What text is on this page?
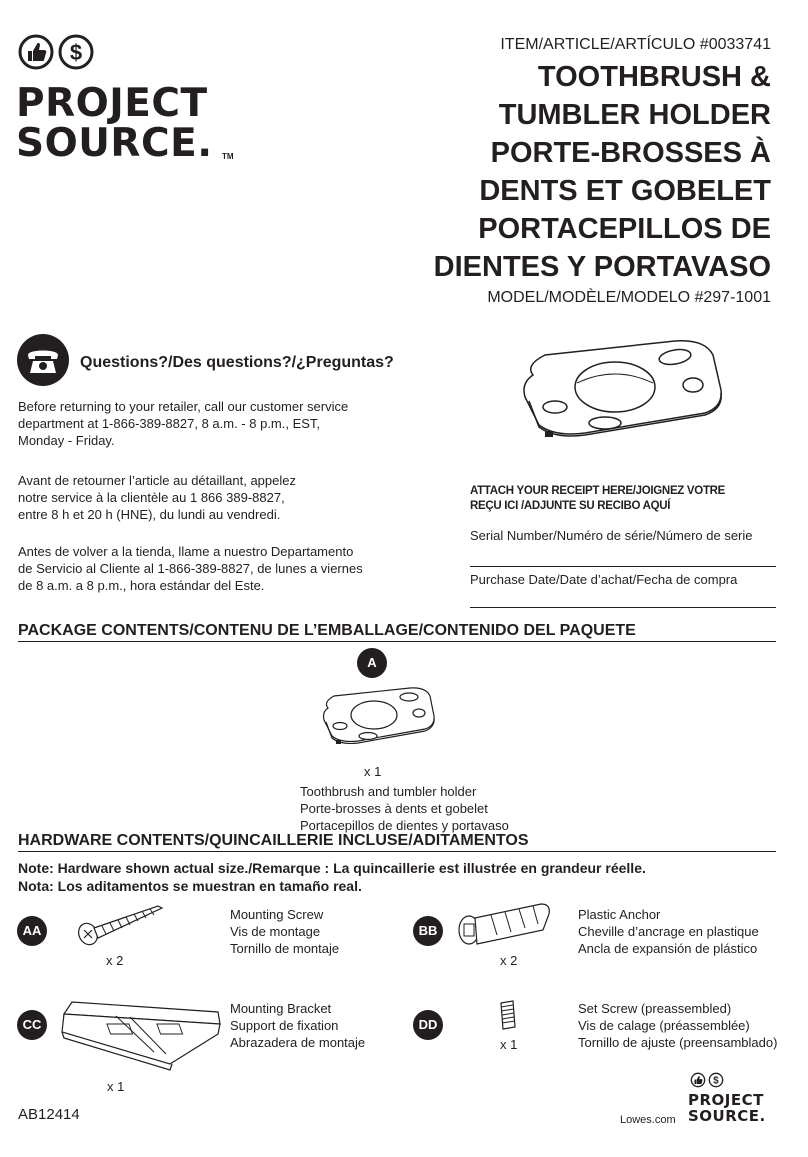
$
PROJECT
SOURCE. TM
ITEM/ARTICLE/ARTÍCULO #0033741
TOOTHBRUSH &
TUMBLER HOLDER
PORTE-BROSSES À
DENTS ET GOBELET
PORTACEPILLOS DE
DIENTES Y PORTAVASO
MODEL/MODÈLE/MODELO #297-1001
Questions?/Des questions?/¿Preguntas?
Before returning to your retailer, call our customer service
department at 1-866-389-8827, 8 a.m. - 8 p.m., EST,
Monday - Friday.
Avant de retourner l’article au détaillant, appelez
notre service à la clientèle au 1 866 389-8827,
entre 8 h et 20 h (HNE), du lundi au vendredi.
Antes de volver a la tienda, llame a nuestro Departamento
de Servicio al Cliente al 1-866-389-8827, de lunes a viernes
de 8 a.m. a 8 p.m., hora estándar del Este.
ATTACH YOUR RECEIPT HERE/JOIGNEZ VOTRE
REÇU ICI /ADJUNTE SU RECIBO AQUÍ
Serial Number/Numéro de série/Número de serie
Purchase Date/Date d’achat/Fecha de compra
PACKAGE CONTENTS/CONTENU DE L’EMBALLAGE/CONTENIDO DEL PAQUETE
A
x 1
Toothbrush and tumbler holder
Porte-brosses à dents et gobelet
Portacepillos de dientes y portavaso
HARDWARE CONTENTS/QUINCAILLERIE INCLUSE/ADITAMENTOS
Note: Hardware shown actual size./Remarque : La quincaillerie est illustrée en grandeur réelle.
Nota: Los aditamentos se muestran en tamaño real.
AA
x 2
Mounting Screw
Vis de montage
Tornillo de montaje
BB
x 2
Plastic Anchor
Cheville d’ancrage en plastique
Ancla de expansión de plástico
CC
x 1
Mounting Bracket
Support de fixation
Abrazadera de montaje
DD
x 1
Set Screw (preassembled)
Vis de calage (préassemblée)
Tornillo de ajuste (preensamblado)
AB12414	Lowes.com
$
PROJECT
SOURCE.
